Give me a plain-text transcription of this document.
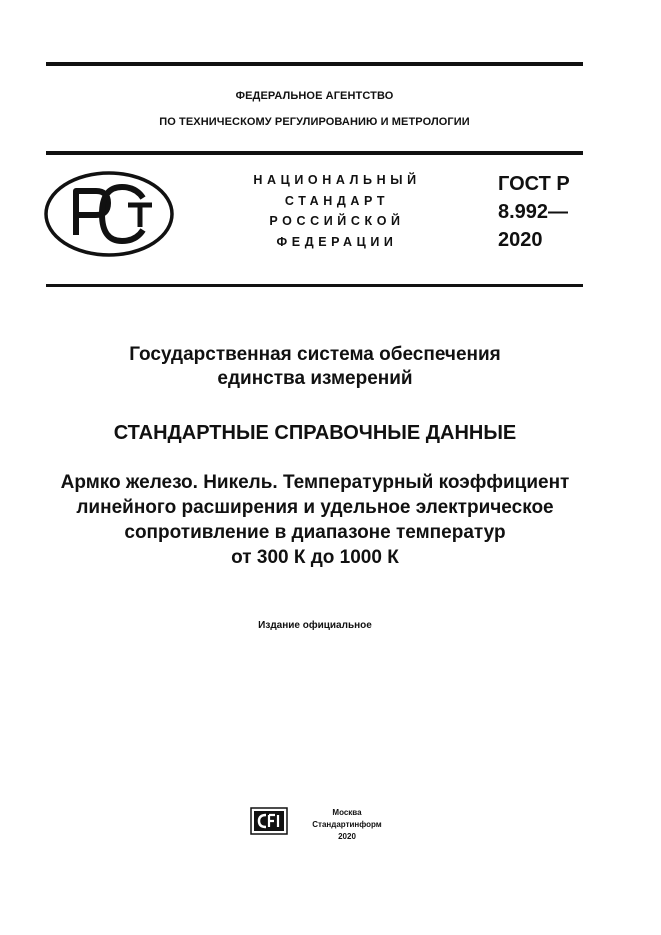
ФЕДЕРАЛЬНОЕ АГЕНТСТВО
ПО ТЕХНИЧЕСКОМУ РЕГУЛИРОВАНИЮ И МЕТРОЛОГИИ
НАЦИОНАЛЬНЫЙ
СТАНДАРТ
РОССИЙСКОЙ
ФЕДЕРАЦИИ
ГОСТ Р
8.992—
2020
Государственная система обеспечения
единства измерений
СТАНДАРТНЫЕ СПРАВОЧНЫЕ ДАННЫЕ
Армко железо. Никель. Температурный коэффициент
линейного расширения и удельное электрическое
сопротивление в диапазоне температур
от 300 К до 1000 К
Издание официальное
Москва
Стандартинформ
2020
